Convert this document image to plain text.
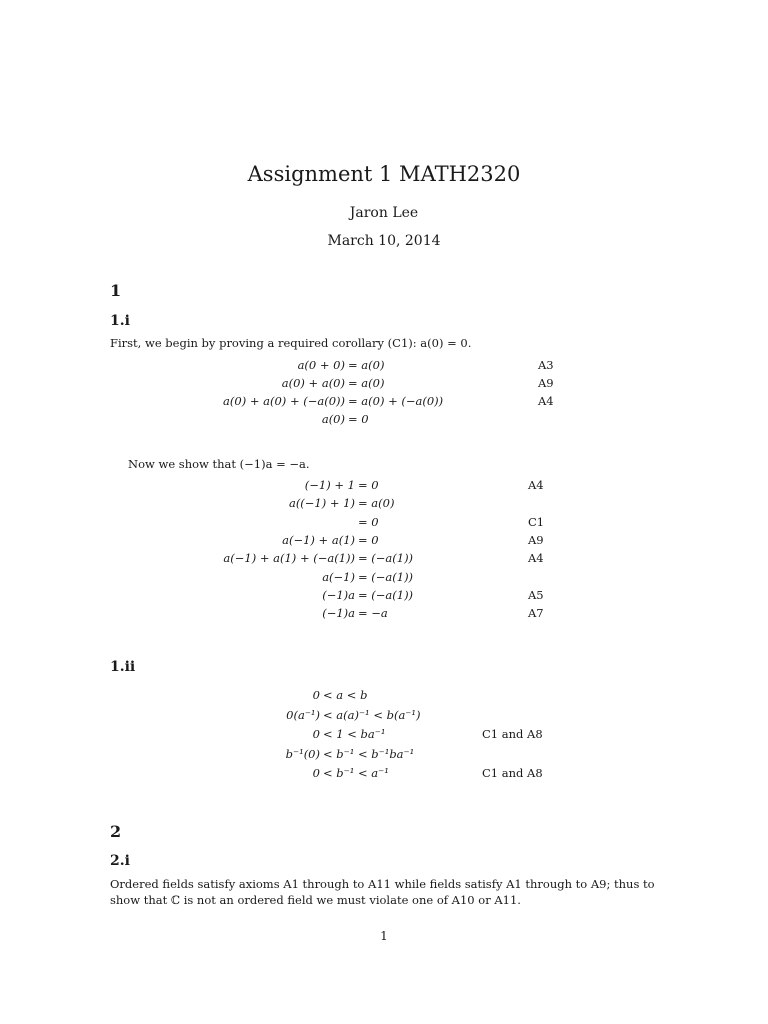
Assignment 1 MATH2320
Jaron Lee
March 10, 2014
1
1.i
First, we begin by proving a required corollary (C1): a(0) = 0.
a(0 + 0) = a(0)	A3
a(0) + a(0) = a(0)	A9
a(0) + a(0) + (−a(0)) = a(0) + (−a(0))	A4
a(0) = 0
Now we show that (−1)a = −a.
(−1) + 1 = 0	A4
a((−1) + 1) = a(0)
= 0	C1
a(−1) + a(1) = 0	A9
a(−1) + a(1) + (−a(1)) = (−a(1))	A4
a(−1) = (−a(1))
(−1)a = (−a(1))	A5
(−1)a = −a	A7
1.ii
0 < a < b
0(a⁻¹) < a(a)⁻¹ < b(a⁻¹)
0 < 1 < ba⁻¹	C1 and A8
b⁻¹(0) < b⁻¹ < b⁻¹ba⁻¹
0 < b⁻¹ < a⁻¹	C1 and A8
2
2.i
Ordered fields satisfy axioms A1 through to A11 while fields satisfy A1 through to A9; thus to
show that ℂ is not an ordered field we must violate one of A10 or A11.
1
